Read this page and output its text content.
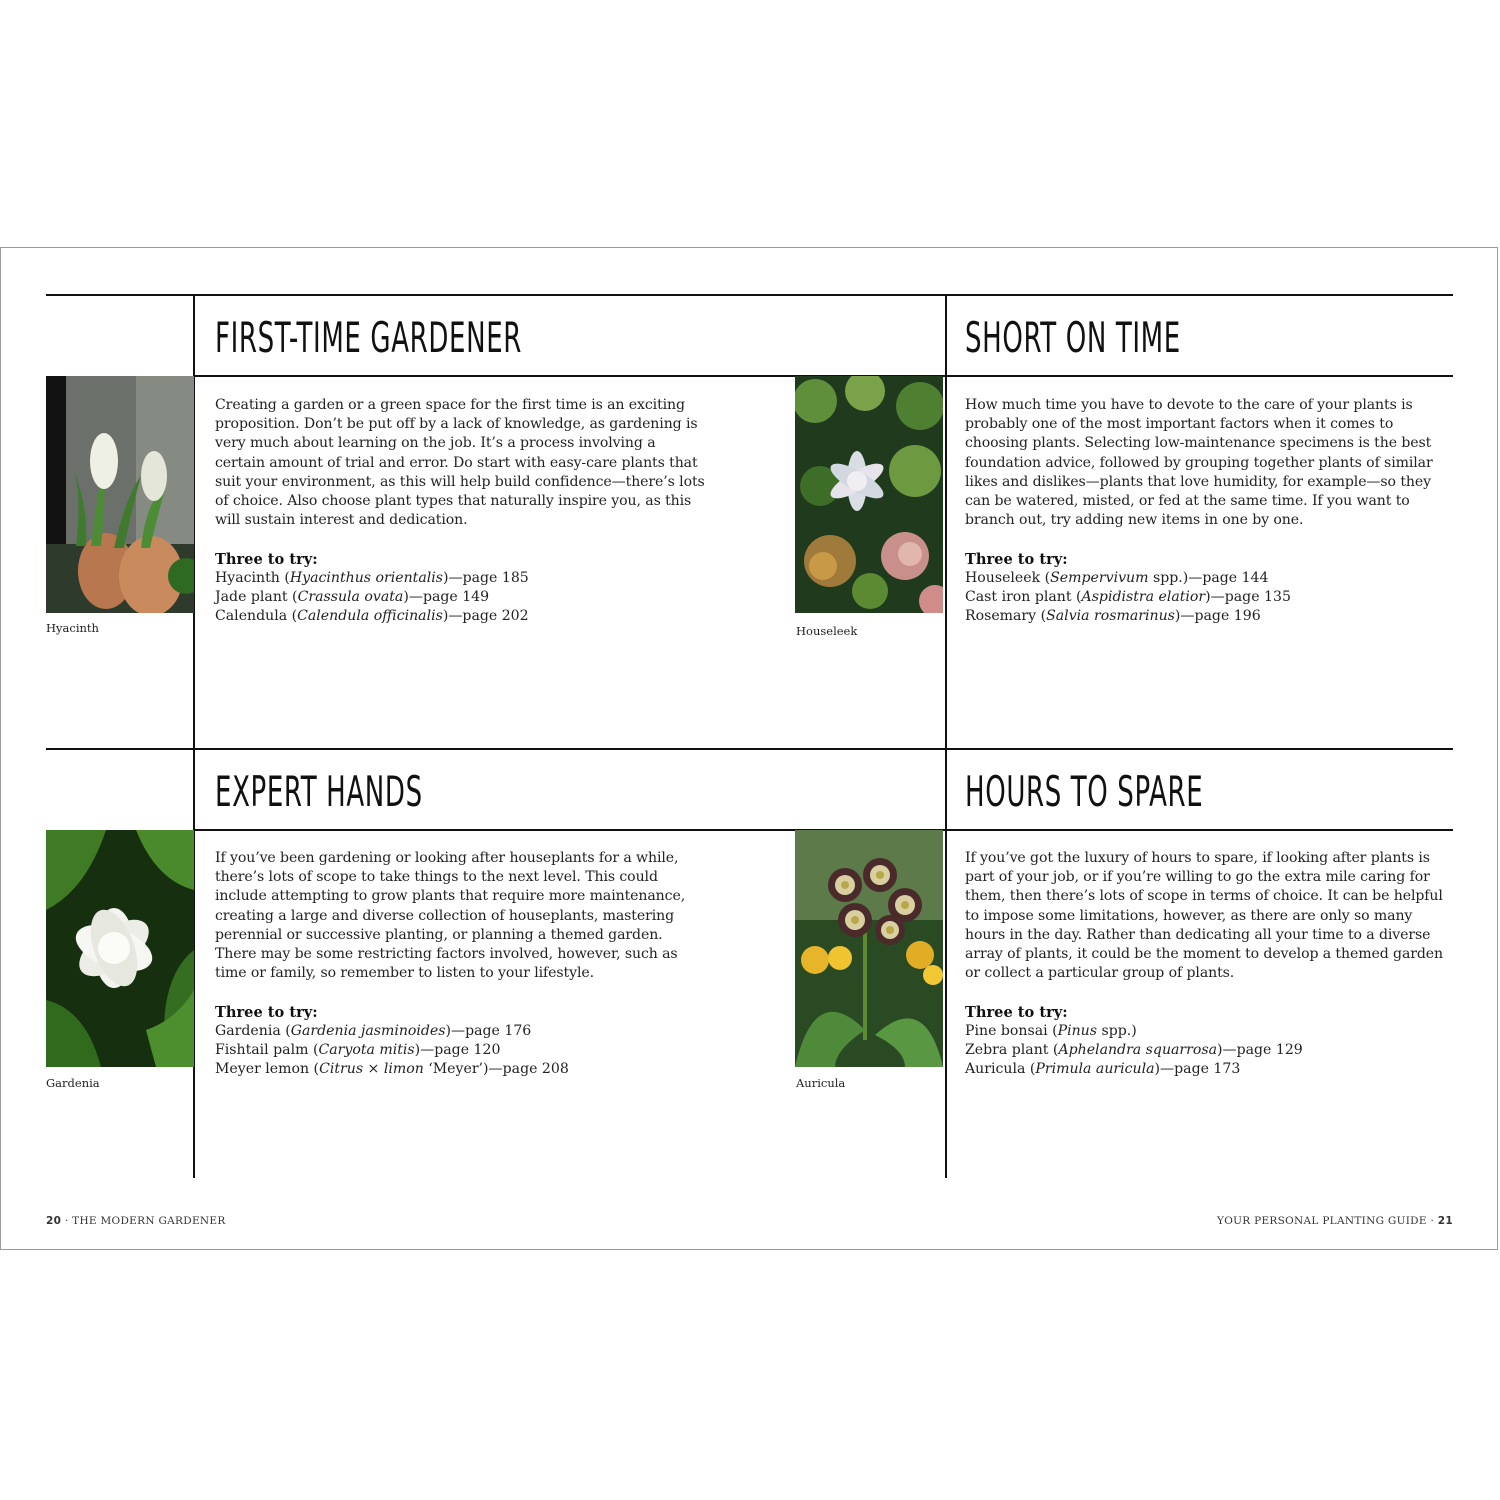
FIRST-TIME GARDENER

Hyacinth

Creating a garden or a green space for the first time is an exciting proposition. Don’t be put off by a lack of knowledge, as gardening is very much about learning on the job. It’s a process involving a certain amount of trial and error. Do start with easy-care plants that suit your environment, as this will help build confidence—there’s lots of choice. Also choose plant types that naturally inspire you, as this will sustain interest and dedication.

Three to try:

Hyacinth (Hyacinthus orientalis)—page 185
Jade plant (Crassula ovata)—page 149
Calendula (Calendula officinalis)—page 202
SHORT ON TIME

Houseleek

How much time you have to devote to the care of your plants is probably one of the most important factors when it comes to choosing plants. Selecting low-maintenance specimens is the best foundation advice, followed by grouping together plants of similar likes and dislikes—plants that love humidity, for example—so they can be watered, misted, or fed at the same time. If you want to branch out, try adding new items in one by one.

Three to try:

Houseleek (Sempervivum spp.)—page 144
Cast iron plant (Aspidistra elatior)—page 135
Rosemary (Salvia rosmarinus)—page 196
EXPERT HANDS

Gardenia

If you’ve been gardening or looking after houseplants for a while, there’s lots of scope to take things to the next level. This could include attempting to grow plants that require more maintenance, creating a large and diverse collection of houseplants, mastering perennial or successive planting, or planning a themed garden. There may be some restricting factors involved, however, such as time or family, so remember to listen to your lifestyle.

Three to try:

Gardenia (Gardenia jasminoides)—page 176
Fishtail palm (Caryota mitis)—page 120
Meyer lemon (Citrus × limon ‘Meyer’)—page 208
HOURS TO SPARE

Auricula

If you’ve got the luxury of hours to spare, if looking after plants is part of your job, or if you’re willing to go the extra mile caring for them, then there’s lots of scope in terms of choice. It can be helpful to impose some limitations, however, as there are only so many hours in the day. Rather than dedicating all your time to a diverse array of plants, it could be the moment to develop a themed garden or collect a particular group of plants.

Three to try:

Pine bonsai (Pinus spp.)
Zebra plant (Aphelandra squarrosa)—page 129
Auricula (Primula auricula)—page 173

20 · THE MODERN GARDENER	YOUR PERSONAL PLANTING GUIDE · 21
